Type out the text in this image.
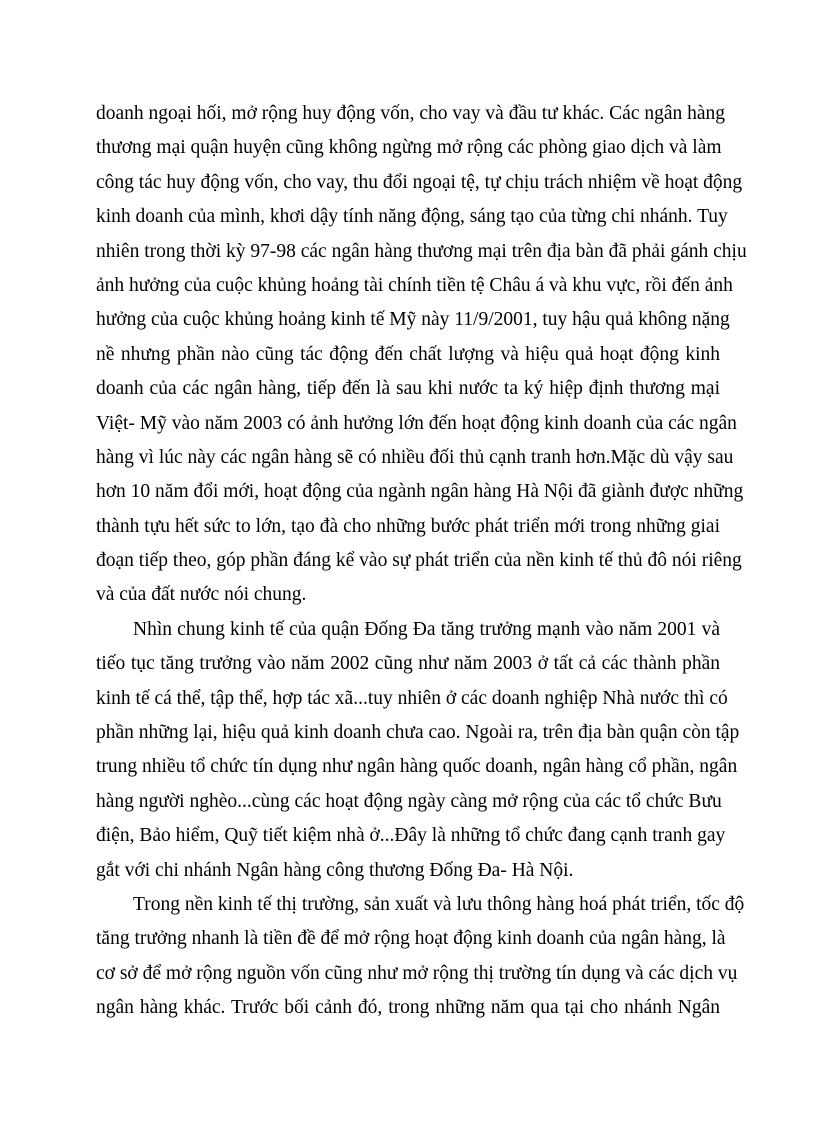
doanh ngoại hối, mở rộng huy động vốn, cho vay và đầu tư khác. Các ngân hàng
thương mại quận huyện cũng không ngừng mở rộng các phòng giao dịch và làm
công tác huy động vốn, cho vay, thu đổi ngoại tệ, tự chịu trách nhiệm về hoạt động
kinh doanh của mình, khơi dậy tính năng động, sáng tạo của từng chi nhánh. Tuy
nhiên trong thời kỳ 97-98 các ngân hàng thương mại trên địa bàn đã phải gánh chịu
ảnh hưởng của cuộc khủng hoảng tài chính tiền tệ Châu á và khu vực, rồi đến ảnh
hưởng của cuộc khủng hoảng kinh tế Mỹ này 11/9/2001, tuy hậu quả không nặng
nề nhưng phần nào cũng tác động đến chất lượng và hiệu quả hoạt động kinh
doanh của các ngân hàng, tiếp đến là sau khi nước ta ký hiệp định thương mại
Việt- Mỹ vào năm 2003 có ảnh hưởng lớn đến hoạt động kinh doanh của các ngân
hàng vì lúc này các ngân hàng sẽ có nhiều đối thủ cạnh tranh hơn.Mặc dù vậy sau
hơn 10 năm đổi mới, hoạt động của ngành ngân hàng Hà Nội đã giành được những
thành tựu hết sức to lớn, tạo đà cho những bước phát triển mới trong những giai
đoạn tiếp theo, góp phần đáng kể vào sự phát triển của nền kinh tế thủ đô nói riêng
và của đất nước nói chung.
Nhìn chung kinh tế của quận Đống Đa tăng trưởng mạnh vào năm 2001 và
tiếo tục tăng trưởng vào năm 2002 cũng như năm 2003 ở tất cả các thành phần
kinh tế cá thể, tập thể, hợp tác xã...tuy nhiên ở các doanh nghiệp Nhà nước thì có
phần những lại, hiệu quả kinh doanh chưa cao. Ngoài ra, trên địa bàn quận còn tập
trung nhiều tổ chức tín dụng như ngân hàng quốc doanh, ngân hàng cổ phần, ngân
hàng người nghèo...cùng các hoạt động ngày càng mở rộng của các tổ chức Bưu
điện, Bảo hiểm, Quỹ tiết kiệm nhà ở...Đây là những tổ chức đang cạnh tranh gay
gắt với chi nhánh Ngân hàng công thương Đống Đa- Hà Nội.
Trong nền kinh tế thị trường, sản xuất và lưu thông hàng hoá phát triển, tốc độ
tăng trưởng nhanh là tiền đề để mở rộng hoạt động kinh doanh của ngân hàng, là
cơ sở để mở rộng nguồn vốn cũng như mở rộng thị trường tín dụng và các dịch vụ
ngân hàng khác. Trước bối cảnh đó, trong những năm qua tại cho nhánh Ngân
